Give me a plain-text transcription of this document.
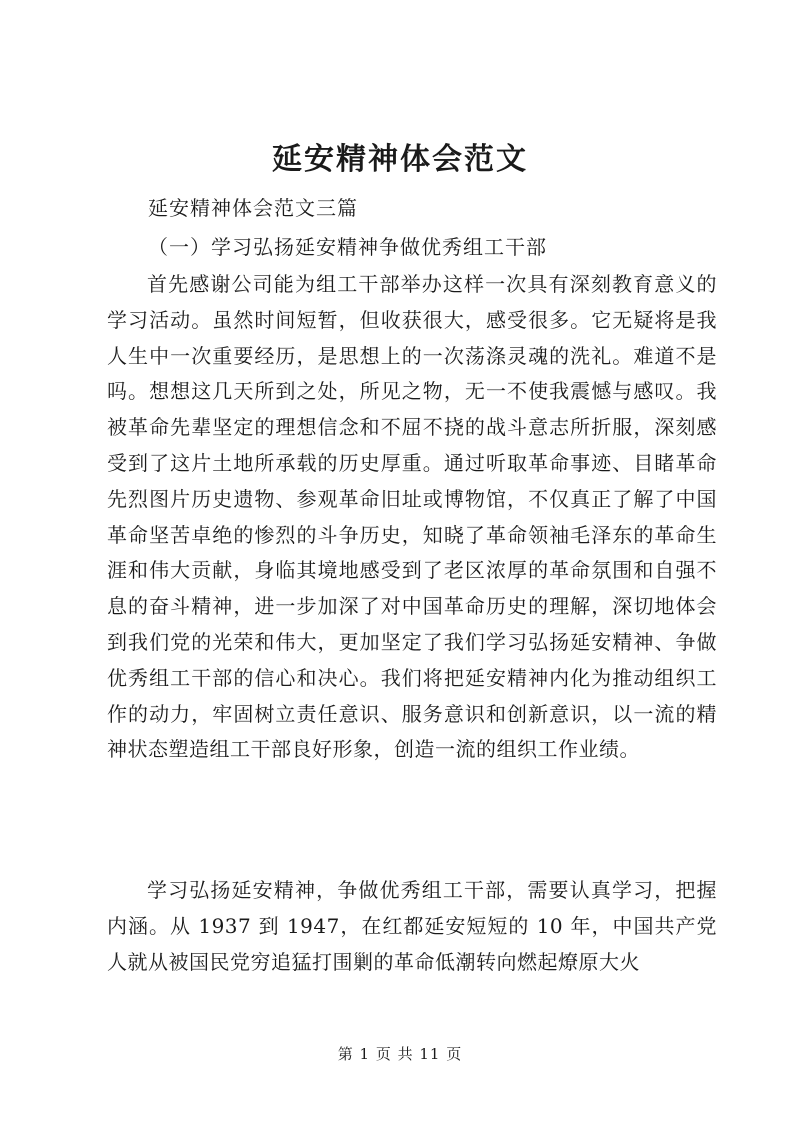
延安精神体会范文
延安精神体会范文三篇
（一）学习弘扬延安精神争做优秀组工干部

首先感谢公司能为组工干部举办这样一次具有深刻教育意义的学习活动。虽然时间短暂，但收获很大，感受很多。它无疑将是我人生中一次重要经历，是思想上的一次荡涤灵魂的洗礼。难道不是吗。想想这几天所到之处，所见之物，无一不使我震憾与感叹。我被革命先辈坚定的理想信念和不屈不挠的战斗意志所折服，深刻感受到了这片土地所承载的历史厚重。通过听取革命事迹、目睹革命先烈图片历史遗物、参观革命旧址或博物馆，不仅真正了解了中国革命坚苦卓绝的惨烈的斗争历史，知晓了革命领袖毛泽东的革命生涯和伟大贡献，身临其境地感受到了老区浓厚的革命氛围和自强不息的奋斗精神，进一步加深了对中国革命历史的理解，深切地体会到我们党的光荣和伟大，更加坚定了我们学习弘扬延安精神、争做优秀组工干部的信心和决心。我们将把延安精神内化为推动组织工作的动力，牢固树立责任意识、服务意识和创新意识，以一流的精神状态塑造组工干部良好形象，创造一流的组织工作业绩。

学习弘扬延安精神，争做优秀组工干部，需要认真学习，把握内涵。从 1937 到 1947，在红都延安短短的 10 年，中国共产党人就从被国民党穷追猛打围剿的革命低潮转向燃起燎原大火

第 1 页 共 11 页
